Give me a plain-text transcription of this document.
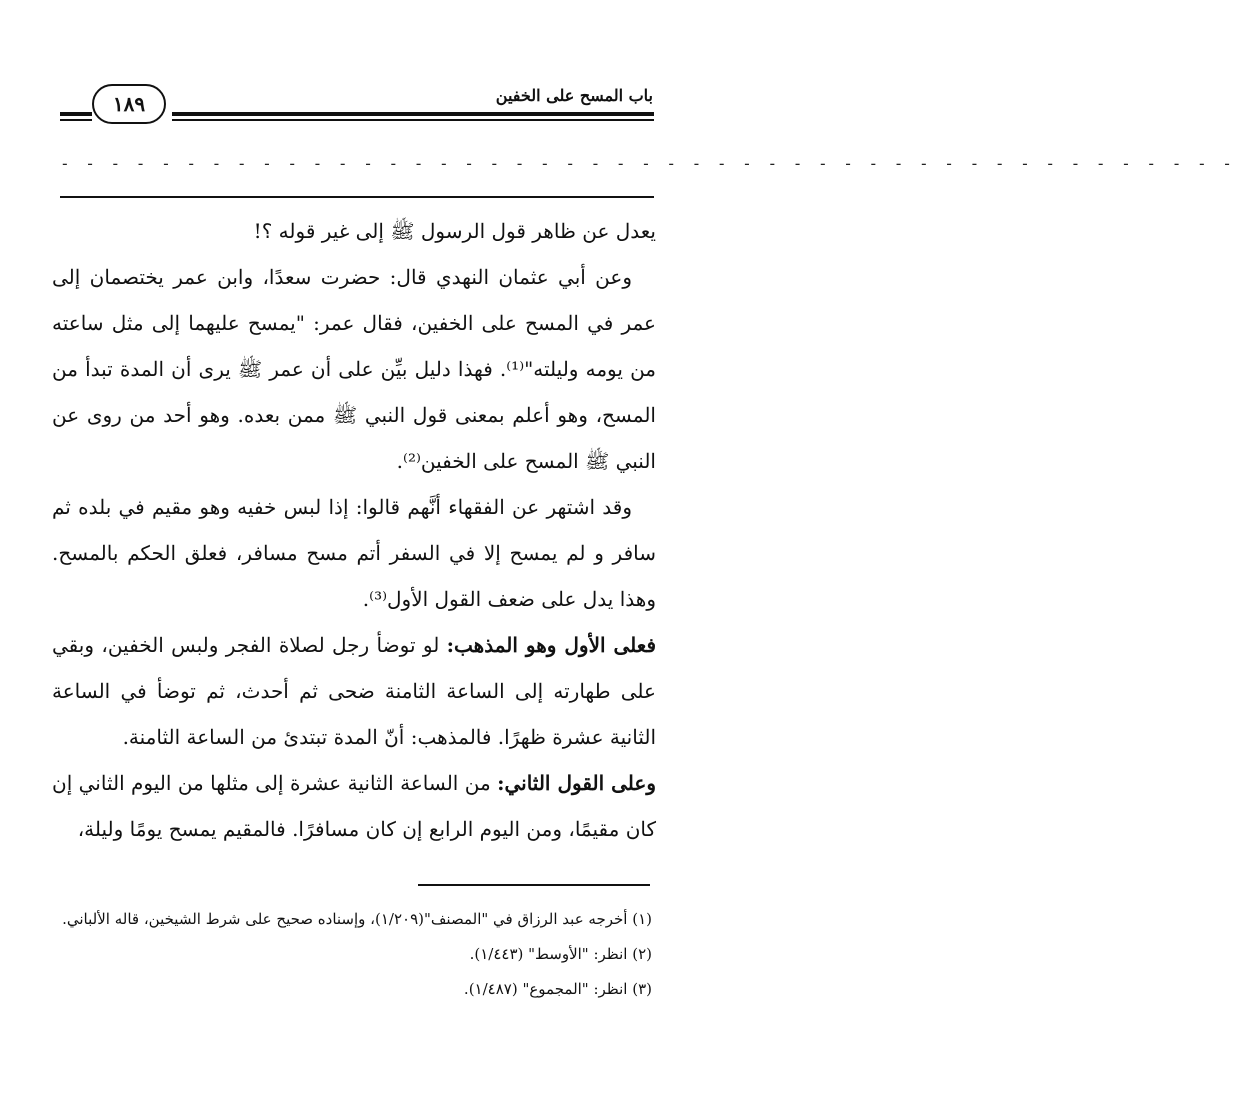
باب المسح على الخفين
١٨٩
- - - - - - - - - - - - - - - - - - - - - - - - - - - - - - - - - - - - - - - - - - - - - - -

يعدل عن ظاهر قول الرسول ﷺ إلى غير قوله ؟!

وعن أبي عثمان النهدي قال: حضرت سعدًا، وابن عمر يختصمان إلى عمر في المسح على الخفين، فقال عمر: "يمسح عليهما إلى مثل ساعته من يومه وليلته"⁽¹⁾. فهذا دليل بيِّن على أن عمر ﷺ يرى أن المدة تبدأ من المسح، وهو أعلم بمعنى قول النبي ﷺ ممن بعده. وهو أحد من روى عن النبي ﷺ المسح على الخفين⁽²⁾.

وقد اشتهر عن الفقهاء أنَّهم قالوا: إذا لبس خفيه وهو مقيم في بلده ثم سافر و لم يمسح إلا في السفر أتم مسح مسافر، فعلق الحكم بالمسح. وهذا يدل على ضعف القول الأول⁽³⁾.

فعلى الأول وهو المذهب: لو توضأ رجل لصلاة الفجر ولبس الخفين، وبقي على طهارته إلى الساعة الثامنة ضحى ثم أحدث، ثم توضأ في الساعة الثانية عشرة ظهرًا. فالمذهب: أنّ المدة تبتدئ من الساعة الثامنة.

وعلى القول الثاني: من الساعة الثانية عشرة إلى مثلها من اليوم الثاني إن كان مقيمًا، ومن اليوم الرابع إن كان مسافرًا. فالمقيم يمسح يومًا وليلة،

(١) أخرجه عبد الرزاق في "المصنف"(١/٢٠٩)، وإسناده صحيح على شرط الشيخين، قاله الألباني.

(٢) انظر: "الأوسط" (١/٤٤٣).

(٣) انظر: "المجموع" (١/٤٨٧).
